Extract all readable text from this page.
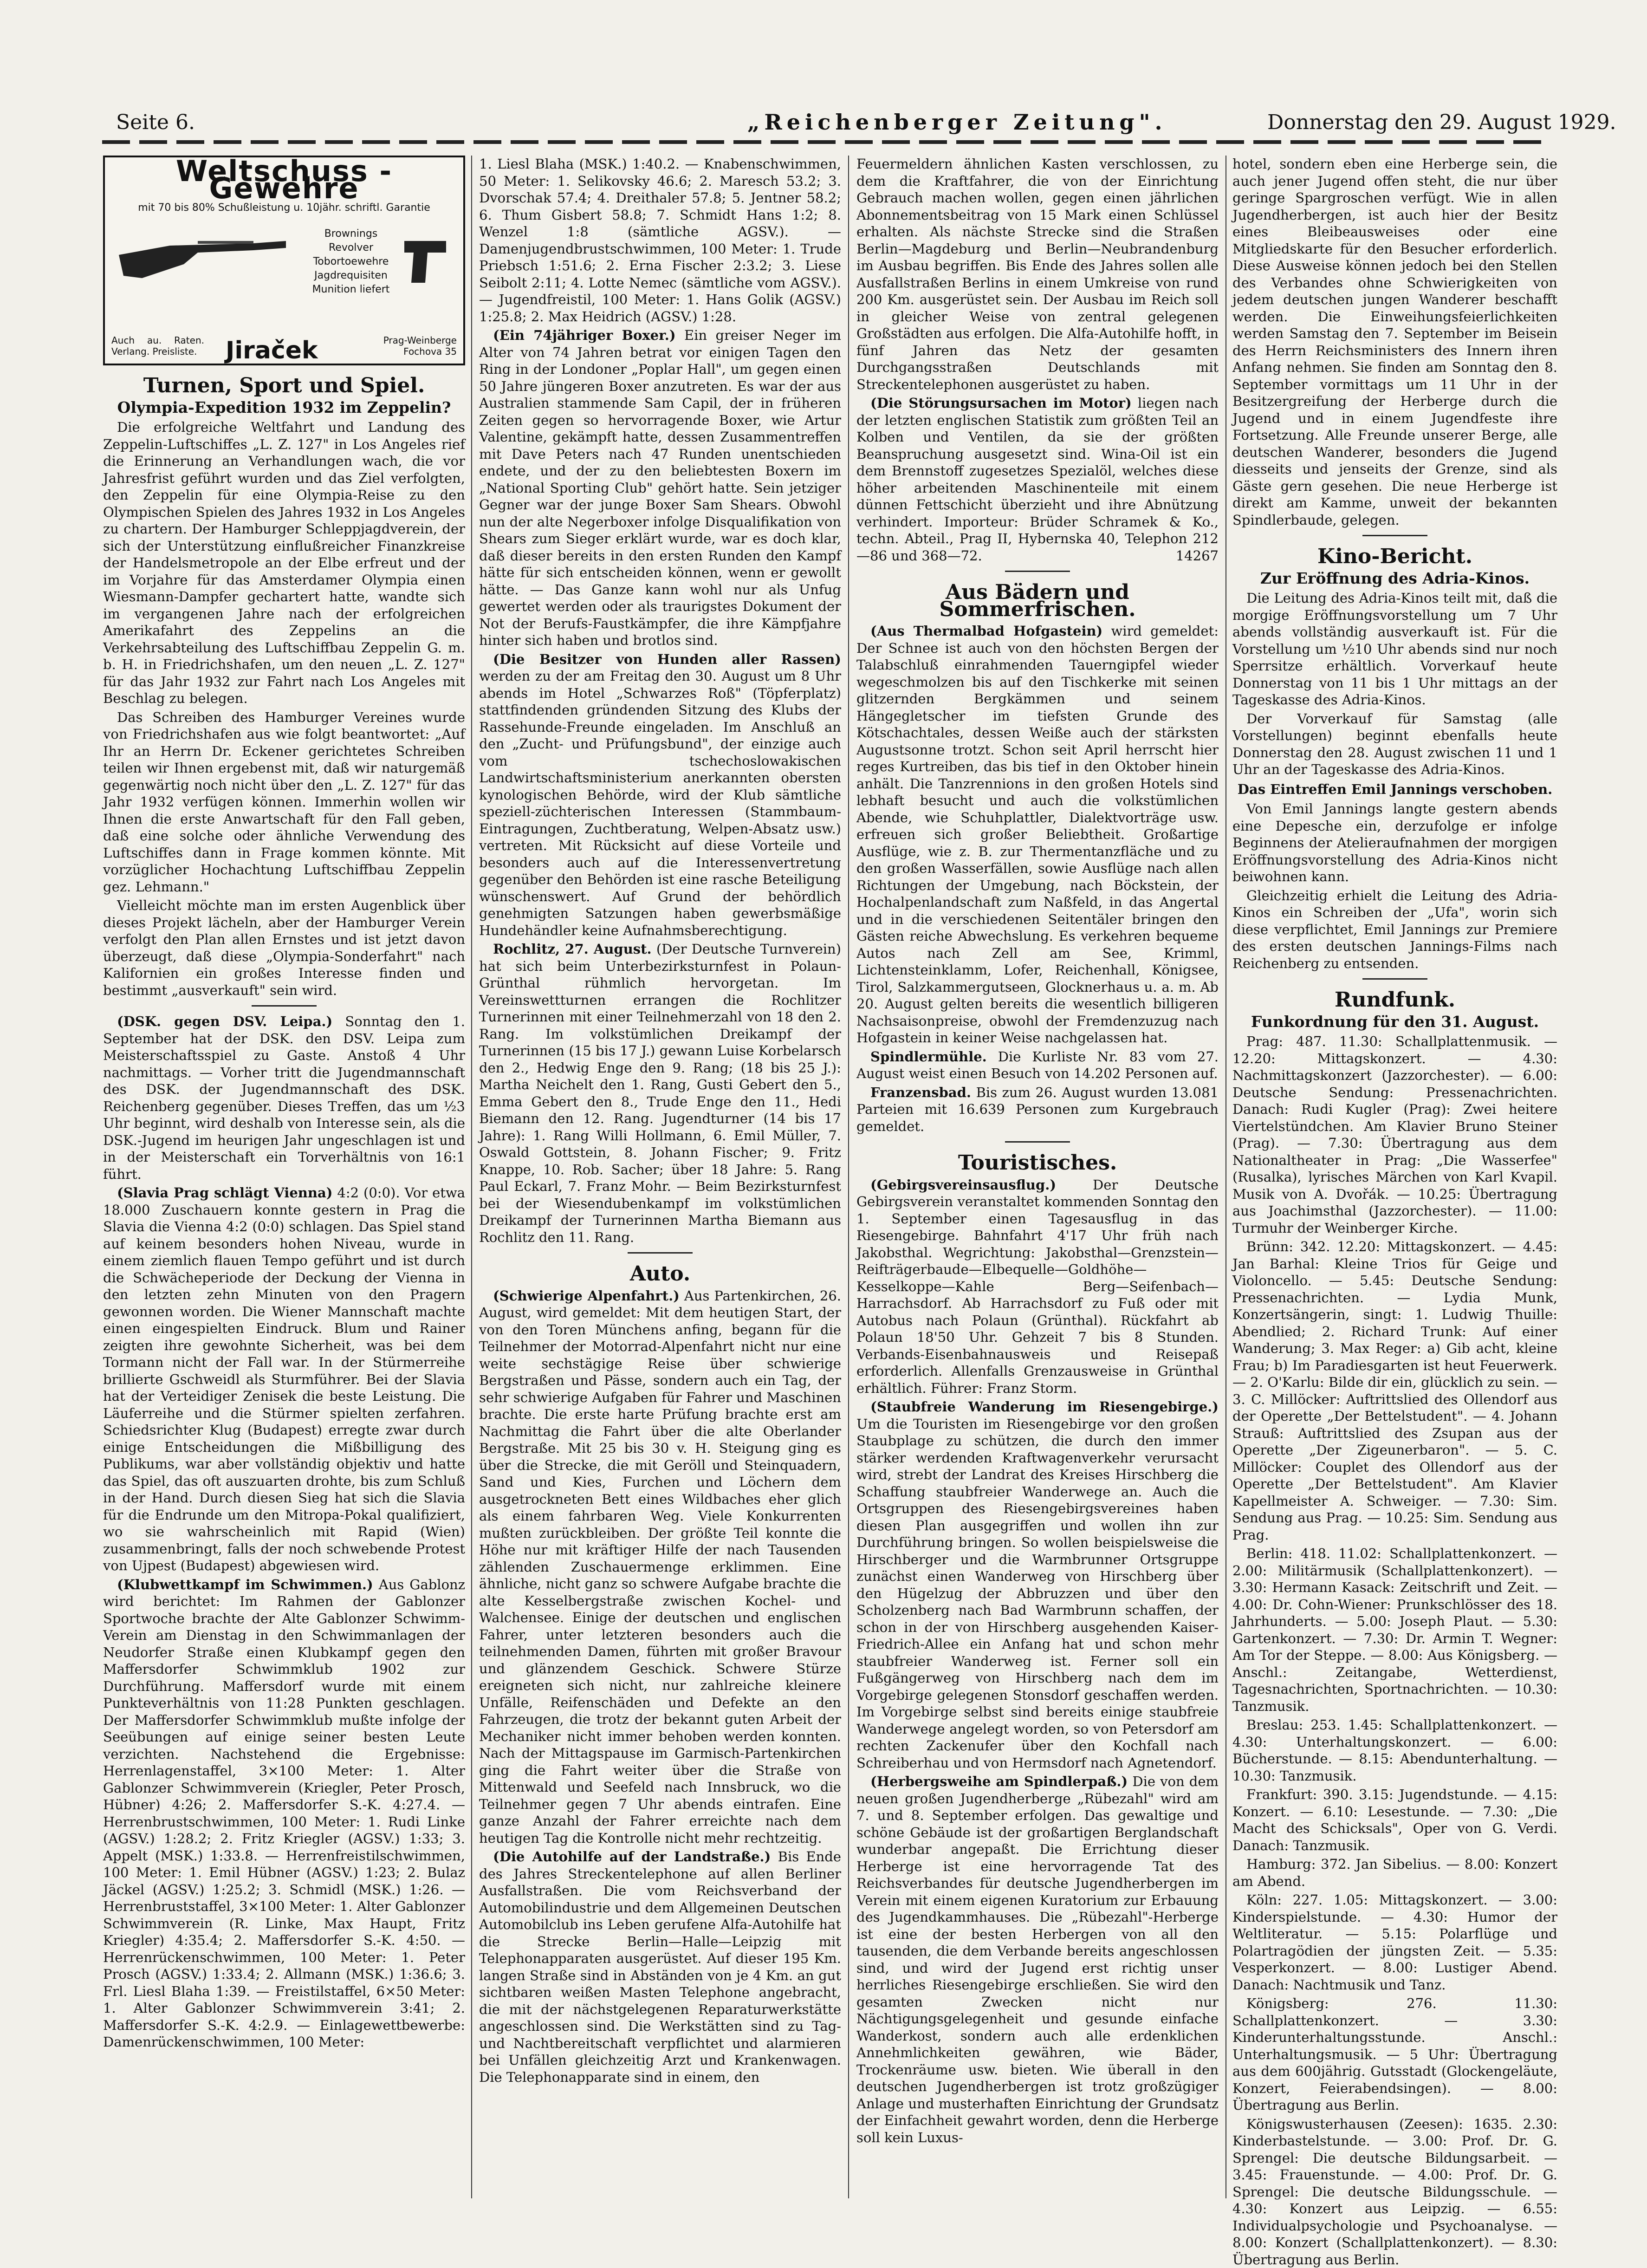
Seite 6.	„Reichenberger Zeitung".	Donnerstag den 29. August 1929.
Weltschuss - Gewehre
mit 70 bis 80% Schußleistung u. 10jähr. schriftl. Garantie
Brownings
Revolver
Tobortoewehre
Jagdrequisiten
Munition liefert
Auch au. Raten. Verlang. Preisliste.	Jiraček	Prag-Weinberge Fochova 35
Turnen, Sport und Spiel.
Olympia-Expedition 1932 im Zeppelin?

Die erfolgreiche Weltfahrt und Landung des Zeppelin-Luftschiffes „L. Z. 127" in Los Angeles rief die Erinnerung an Verhandlungen wach, die vor Jahresfrist geführt wurden und das Ziel verfolgten, den Zeppelin für eine Olympia-Reise zu den Olympischen Spielen des Jahres 1932 in Los Angeles zu chartern. Der Hamburger Schleppjagdverein, der sich der Unterstützung einflußreicher Finanzkreise der Handelsmetropole an der Elbe erfreut und der im Vorjahre für das Amsterdamer Olympia einen Wiesmann-Dampfer gechartert hatte, wandte sich im vergangenen Jahre nach der erfolgreichen Amerikafahrt des Zeppelins an die Verkehrsabteilung des Luftschiffbau Zeppelin G. m. b. H. in Friedrichshafen, um den neuen „L. Z. 127" für das Jahr 1932 zur Fahrt nach Los Angeles mit Beschlag zu belegen.

Das Schreiben des Hamburger Vereines wurde von Friedrichshafen aus wie folgt beantwortet: „Auf Ihr an Herrn Dr. Eckener gerichtetes Schreiben teilen wir Ihnen ergebenst mit, daß wir naturgemäß gegenwärtig noch nicht über den „L. Z. 127" für das Jahr 1932 verfügen können. Immerhin wollen wir Ihnen die erste Anwartschaft für den Fall geben, daß eine solche oder ähnliche Verwendung des Luftschiffes dann in Frage kommen könnte. Mit vorzüglicher Hochachtung Luftschiffbau Zeppelin gez. Lehmann."

Vielleicht möchte man im ersten Augenblick über dieses Projekt lächeln, aber der Hamburger Verein verfolgt den Plan allen Ernstes und ist jetzt davon überzeugt, daß diese „Olympia-Sonderfahrt" nach Kalifornien ein großes Interesse finden und bestimmt „ausverkauft" sein wird.

(DSK. gegen DSV. Leipa.) Sonntag den 1. September hat der DSK. den DSV. Leipa zum Meisterschaftsspiel zu Gaste. Anstoß 4 Uhr nachmittags. — Vorher tritt die Jugendmannschaft des DSK. der Jugendmannschaft des DSK. Reichenberg gegenüber. Dieses Treffen, das um ½3 Uhr beginnt, wird deshalb von Interesse sein, als die DSK.-Jugend im heurigen Jahr ungeschlagen ist und in der Meisterschaft ein Torverhältnis von 16:1 führt.

(Slavia Prag schlägt Vienna) 4:2 (0:0). Vor etwa 18.000 Zuschauern konnte gestern in Prag die Slavia die Vienna 4:2 (0:0) schlagen. Das Spiel stand auf keinem besonders hohen Niveau, wurde in einem ziemlich flauen Tempo geführt und ist durch die Schwächeperiode der Deckung der Vienna in den letzten zehn Minuten von den Pragern gewonnen worden. Die Wiener Mannschaft machte einen eingespielten Eindruck. Blum und Rainer zeigten ihre gewohnte Sicherheit, was bei dem Tormann nicht der Fall war. In der Stürmerreihe brillierte Gschweidl als Sturmführer. Bei der Slavia hat der Verteidiger Zenisek die beste Leistung. Die Läuferreihe und die Stürmer spielten zerfahren. Schiedsrichter Klug (Budapest) erregte zwar durch einige Entscheidungen die Mißbilligung des Publikums, war aber vollständig objektiv und hatte das Spiel, das oft auszuarten drohte, bis zum Schluß in der Hand. Durch diesen Sieg hat sich die Slavia für die Endrunde um den Mitropa-Pokal qualifiziert, wo sie wahrscheinlich mit Rapid (Wien) zusammenbringt, falls der noch schwebende Protest von Ujpest (Budapest) abgewiesen wird.

(Klubwettkampf im Schwimmen.) Aus Gablonz wird berichtet: Im Rahmen der Gablonzer Sportwoche brachte der Alte Gablonzer Schwimm-Verein am Dienstag in den Schwimmanlagen der Neudorfer Straße einen Klubkampf gegen den Maffersdorfer Schwimmklub 1902 zur Durchführung. Maffersdorf wurde mit einem Punkteverhältnis von 11:28 Punkten geschlagen. Der Maffersdorfer Schwimmklub mußte infolge der Seeübungen auf einige seiner besten Leute verzichten. Nachstehend die Ergebnisse: Herrenlagenstaffel, 3×100 Meter: 1. Alter Gablonzer Schwimmverein (Kriegler, Peter Prosch, Hübner) 4:26; 2. Maffersdorfer S.-K. 4:27.4. — Herrenbrustschwimmen, 100 Meter: 1. Rudi Linke (AGSV.) 1:28.2; 2. Fritz Kriegler (AGSV.) 1:33; 3. Appelt (MSK.) 1:33.8. — Herrenfreistilschwimmen, 100 Meter: 1. Emil Hübner (AGSV.) 1:23; 2. Bulaz Jäckel (AGSV.) 1:25.2; 3. Schmidl (MSK.) 1:26. — Herrenbruststaffel, 3×100 Meter: 1. Alter Gablonzer Schwimmverein (R. Linke, Max Haupt, Fritz Kriegler) 4:35.4; 2. Maffersdorfer S.-K. 4:50. — Herrenrückenschwimmen, 100 Meter: 1. Peter Prosch (AGSV.) 1:33.4; 2. Allmann (MSK.) 1:36.6; 3. Frl. Liesl Blaha 1:39. — Freistilstaffel, 6×50 Meter: 1. Alter Gablonzer Schwimmverein 3:41; 2. Maffersdorfer S.-K. 4:2.9. — Einlagewettbewerbe: Damenrückenschwimmen, 100 Meter:

1. Liesl Blaha (MSK.) 1:40.2. — Knabenschwimmen, 50 Meter: 1. Selikovsky 46.6; 2. Maresch 53.2; 3. Dvorschak 57.4; 4. Dreithaler 57.8; 5. Jentner 58.2; 6. Thum Gisbert 58.8; 7. Schmidt Hans 1:2; 8. Wenzel 1:8 (sämtliche AGSV.). — Damenjugendbrustschwimmen, 100 Meter: 1. Trude Priebsch 1:51.6; 2. Erna Fischer 2:3.2; 3. Liese Seibolt 2:11; 4. Lotte Nemec (sämtliche vom AGSV.). — Jugendfreistil, 100 Meter: 1. Hans Golik (AGSV.) 1:25.8; 2. Max Heidrich (AGSV.) 1:28.

(Ein 74jähriger Boxer.) Ein greiser Neger im Alter von 74 Jahren betrat vor einigen Tagen den Ring in der Londoner „Poplar Hall", um gegen einen 50 Jahre jüngeren Boxer anzutreten. Es war der aus Australien stammende Sam Capil, der in früheren Zeiten gegen so hervorragende Boxer, wie Artur Valentine, gekämpft hatte, dessen Zusammentreffen mit Dave Peters nach 47 Runden unentschieden endete, und der zu den beliebtesten Boxern im „National Sporting Club" gehört hatte. Sein jetziger Gegner war der junge Boxer Sam Shears. Obwohl nun der alte Negerboxer infolge Disqualifikation von Shears zum Sieger erklärt wurde, war es doch klar, daß dieser bereits in den ersten Runden den Kampf hätte für sich entscheiden können, wenn er gewollt hätte. — Das Ganze kann wohl nur als Unfug gewertet werden oder als traurigstes Dokument der Not der Berufs-Faustkämpfer, die ihre Kämpfjahre hinter sich haben und brotlos sind.

(Die Besitzer von Hunden aller Rassen) werden zu der am Freitag den 30. August um 8 Uhr abends im Hotel „Schwarzes Roß" (Töpferplatz) stattfindenden gründenden Sitzung des Klubs der Rassehunde-Freunde eingeladen. Im Anschluß an den „Zucht- und Prüfungsbund", der einzige auch vom tschechoslowakischen Landwirtschaftsministerium anerkannten obersten kynologischen Behörde, wird der Klub sämtliche speziell-züchterischen Interessen (Stammbaum-Eintragungen, Zuchtberatung, Welpen-Absatz usw.) vertreten. Mit Rücksicht auf diese Vorteile und besonders auch auf die Interessenvertretung gegenüber den Behörden ist eine rasche Beteiligung wünschenswert. Auf Grund der behördlich genehmigten Satzungen haben gewerbsmäßige Hundehändler keine Aufnahmsberechtigung.

Rochlitz, 27. August. (Der Deutsche Turnverein) hat sich beim Unterbezirksturnfest in Polaun-Grünthal rühmlich hervorgetan. Im Vereinswettturnen errangen die Rochlitzer Turnerinnen mit einer Teilnehmerzahl von 18 den 2. Rang. Im volkstümlichen Dreikampf der Turnerinnen (15 bis 17 J.) gewann Luise Korbelarsch den 2., Hedwig Enge den 9. Rang; (18 bis 25 J.): Martha Neichelt den 1. Rang, Gusti Gebert den 5., Emma Gebert den 8., Trude Enge den 11., Hedi Biemann den 12. Rang. Jugendturner (14 bis 17 Jahre): 1. Rang Willi Hollmann, 6. Emil Müller, 7. Oswald Gottstein, 8. Johann Fischer; 9. Fritz Knappe, 10. Rob. Sacher; über 18 Jahre: 5. Rang Paul Eckarl, 7. Franz Mohr. — Beim Bezirksturnfest bei der Wiesendubenkampf im volkstümlichen Dreikampf der Turnerinnen Martha Biemann aus Rochlitz den 11. Rang.

Auto.

(Schwierige Alpenfahrt.) Aus Partenkirchen, 26. August, wird gemeldet: Mit dem heutigen Start, der von den Toren Münchens anfing, begann für die Teilnehmer der Motorrad-Alpenfahrt nicht nur eine weite sechstägige Reise über schwierige Bergstraßen und Pässe, sondern auch ein Tag, der sehr schwierige Aufgaben für Fahrer und Maschinen brachte. Die erste harte Prüfung brachte erst am Nachmittag die Fahrt über die alte Oberlander Bergstraße. Mit 25 bis 30 v. H. Steigung ging es über die Strecke, die mit Geröll und Steinquadern, Sand und Kies, Furchen und Löchern dem ausgetrockneten Bett eines Wildbaches eher glich als einem fahrbaren Weg. Viele Konkurrenten mußten zurückbleiben. Der größte Teil konnte die Höhe nur mit kräftiger Hilfe der nach Tausenden zählenden Zuschauermenge erklimmen. Eine ähnliche, nicht ganz so schwere Aufgabe brachte die alte Kesselbergstraße zwischen Kochel- und Walchensee. Einige der deutschen und englischen Fahrer, unter letzteren besonders auch die teilnehmenden Damen, führten mit großer Bravour und glänzendem Geschick. Schwere Stürze ereigneten sich nicht, nur zahlreiche kleinere Unfälle, Reifenschäden und Defekte an den Fahrzeugen, die trotz der bekannt guten Arbeit der Mechaniker nicht immer behoben werden konnten. Nach der Mittagspause im Garmisch-Partenkirchen ging die Fahrt weiter über die Straße von Mittenwald und Seefeld nach Innsbruck, wo die Teilnehmer gegen 7 Uhr abends eintrafen. Eine ganze Anzahl der Fahrer erreichte nach dem heutigen Tag die Kontrolle nicht mehr rechtzeitig.

(Die Autohilfe auf der Landstraße.) Bis Ende des Jahres Streckentelephone auf allen Berliner Ausfallstraßen. Die vom Reichsverband der Automobilindustrie und dem Allgemeinen Deutschen Automobilclub ins Leben gerufene Alfa-Autohilfe hat die Strecke Berlin—Halle—Leipzig mit Telephonapparaten ausgerüstet. Auf dieser 195 Km. langen Straße sind in Abständen von je 4 Km. an gut sichtbaren weißen Masten Telephone angebracht, die mit der nächstgelegenen Reparaturwerkstätte angeschlossen sind. Die Werkstätten sind zu Tag- und Nachtbereitschaft verpflichtet und alarmieren bei Unfällen gleichzeitig Arzt und Krankenwagen. Die Telephonapparate sind in einem, den

Feuermeldern ähnlichen Kasten verschlossen, zu dem die Kraftfahrer, die von der Einrichtung Gebrauch machen wollen, gegen einen jährlichen Abonnementsbeitrag von 15 Mark einen Schlüssel erhalten. Als nächste Strecke sind die Straßen Berlin—Magdeburg und Berlin—Neubrandenburg im Ausbau begriffen. Bis Ende des Jahres sollen alle Ausfallstraßen Berlins in einem Umkreise von rund 200 Km. ausgerüstet sein. Der Ausbau im Reich soll in gleicher Weise von zentral gelegenen Großstädten aus erfolgen. Die Alfa-Autohilfe hofft, in fünf Jahren das Netz der gesamten Durchgangsstraßen Deutschlands mit Streckentelephonen ausgerüstet zu haben.

(Die Störungsursachen im Motor) liegen nach der letzten englischen Statistik zum größten Teil an Kolben und Ventilen, da sie der größten Beanspruchung ausgesetzt sind. Wina-Oil ist ein dem Brennstoff zugesetzes Spezialöl, welches diese höher arbeitenden Maschinenteile mit einem dünnen Fettschicht überzieht und ihre Abnützung verhindert. Importeur: Brüder Schramek & Ko., techn. Abteil., Prag II, Hybernska 40, Telephon 212—86 und 368—72.	14267

Aus Bädern und Sommerfrischen.

(Aus Thermalbad Hofgastein) wird gemeldet: Der Schnee ist auch von den höchsten Bergen der Talabschluß einrahmenden Tauerngipfel wieder wegeschmolzen bis auf den Tischkerke mit seinen glitzernden Bergkämmen und seinem Hängegletscher im tiefsten Grunde des Kötschachtales, dessen Weiße auch der stärksten Augustsonne trotzt. Schon seit April herrscht hier reges Kurtreiben, das bis tief in den Oktober hinein anhält. Die Tanzrennions in den großen Hotels sind lebhaft besucht und auch die volkstümlichen Abende, wie Schuhplattler, Dialektvorträge usw. erfreuen sich großer Beliebtheit. Großartige Ausflüge, wie z. B. zur Thermentanzfläche und zu den großen Wasserfällen, sowie Ausflüge nach allen Richtungen der Umgebung, nach Böckstein, der Hochalpenlandschaft zum Naßfeld, in das Angertal und in die verschiedenen Seitentäler bringen den Gästen reiche Abwechslung. Es verkehren bequeme Autos nach Zell am See, Krimml, Lichtensteinklamm, Lofer, Reichenhall, Königsee, Tirol, Salzkammergutseen, Glocknerhaus u. a. m. Ab 20. August gelten bereits die wesentlich billigeren Nachsaisonpreise, obwohl der Fremdenzuzug nach Hofgastein in keiner Weise nachgelassen hat.

Spindlermühle. Die Kurliste Nr. 83 vom 27. August weist einen Besuch von 14.202 Personen auf.

Franzensbad. Bis zum 26. August wurden 13.081 Parteien mit 16.639 Personen zum Kurgebrauch gemeldet.

Touristisches.

(Gebirgsvereinsausflug.)	Der Deutsche Gebirgsverein veranstaltet kommenden Sonntag den 1. September einen Tagesausflug in das Riesengebirge. Bahnfahrt 4'17 Uhr früh nach Jakobsthal. Wegrichtung: Jakobsthal—Grenzstein—Reifträgerbaude—Elbequelle—Goldhöhe—Kesselkoppe—Kahle Berg—Seifenbach—Harrachsdorf. Ab Harrachsdorf zu Fuß oder mit Autobus nach Polaun (Grünthal). Rückfahrt ab Polaun 18'50 Uhr. Gehzeit 7 bis 8 Stunden. Verbands-Eisenbahnausweis und Reisepaß erforderlich. Allenfalls Grenzausweise in Grünthal erhältlich. Führer: Franz Storm.

(Staubfreie Wanderung im Riesengebirge.) Um die Touristen im Riesengebirge vor den großen Staubplage zu schützen, die durch den immer stärker werdenden Kraftwagenverkehr verursacht wird, strebt der Landrat des Kreises Hirschberg die Schaffung staubfreier Wanderwege an. Auch die Ortsgruppen des Riesengebirgsvereines haben diesen Plan ausgegriffen und wollen ihn zur Durchführung bringen. So wollen beispielsweise die Hirschberger und die Warmbrunner Ortsgruppe zunächst einen Wanderweg von Hirschberg über den Hügelzug der Abbruzzen und über den Scholzenberg nach Bad Warmbrunn schaffen, der schon in der von Hirschberg ausgehenden Kaiser-Friedrich-Allee ein Anfang hat und schon mehr staubfreier Wanderweg ist. Ferner soll ein Fußgängerweg von Hirschberg nach dem im Vorgebirge gelegenen Stonsdorf geschaffen werden. Im Vorgebirge selbst sind bereits einige staubfreie Wanderwege angelegt worden, so von Petersdorf am rechten Zackenufer über den Kochfall nach Schreiberhau und von Hermsdorf nach Agnetendorf.

(Herbergsweihe am Spindlerpaß.) Die von dem neuen großen Jugendherberge „Rübezahl" wird am 7. und 8. September erfolgen. Das gewaltige und schöne Gebäude ist der großartigen Berglandschaft wunderbar angepaßt. Die Errichtung dieser Herberge ist eine hervorragende Tat des Reichsverbandes für deutsche Jugendherbergen im Verein mit einem eigenen Kuratorium zur Erbauung des Jugendkammhauses. Die „Rübezahl"-Herberge ist eine der besten Herbergen von all den tausenden, die dem Verbande bereits angeschlossen sind, und wird der Jugend erst richtig unser herrliches Riesengebirge erschließen. Sie wird den gesamten Zwecken nicht nur Nächtigungsgelegenheit und gesunde einfache Wanderkost, sondern auch alle erdenklichen Annehmlichkeiten gewähren, wie Bäder, Trockenräume usw. bieten. Wie überall in den deutschen Jugendherbergen ist trotz großzügiger Anlage und musterhaften Einrichtung der Grundsatz der Einfachheit gewahrt worden, denn die Herberge soll kein Luxus-

hotel, sondern eben eine Herberge sein, die auch jener Jugend offen steht, die nur über geringe Spargroschen verfügt. Wie in allen Jugendherbergen, ist auch hier der Besitz eines Bleibeausweises oder eine Mitgliedskarte für den Besucher erforderlich. Diese Ausweise können jedoch bei den Stellen des Verbandes ohne Schwierigkeiten von jedem deutschen jungen Wanderer beschafft werden. Die Einweihungsfeierlichkeiten werden Samstag den 7. September im Beisein des Herrn Reichsministers des Innern ihren Anfang nehmen. Sie finden am Sonntag den 8. September vormittags um 11 Uhr in der Besitzergreifung der Herberge durch die Jugend und in einem Jugendfeste ihre Fortsetzung. Alle Freunde unserer Berge, alle deutschen Wanderer, besonders die Jugend diesseits und jenseits der Grenze, sind als Gäste gern gesehen. Die neue Herberge ist direkt am Kamme, unweit der bekannten Spindlerbaude, gelegen.

Kino-Bericht.
Zur Eröffnung des Adria-Kinos.

Die Leitung des Adria-Kinos teilt mit, daß die morgige Eröffnungsvorstellung um 7 Uhr abends vollständig ausverkauft ist. Für die Vorstellung um ½10 Uhr abends sind nur noch Sperrsitze erhältlich. Vorverkauf heute Donnerstag von 11 bis 1 Uhr mittags an der Tageskasse des Adria-Kinos.

Der Vorverkauf für Samstag (alle Vorstellungen) beginnt ebenfalls heute Donnerstag den 28. August zwischen 11 und 1 Uhr an der Tageskasse des Adria-Kinos.

Das Eintreffen Emil Jannings verschoben.

Von Emil Jannings langte gestern abends eine Depesche ein, derzufolge er infolge Beginnens der Atelieraufnahmen der morgigen Eröffnungsvorstellung des Adria-Kinos nicht beiwohnen kann.

Gleichzeitig erhielt die Leitung des Adria-Kinos ein Schreiben der „Ufa", worin sich diese verpflichtet, Emil Jannings zur Premiere des ersten deutschen Jannings-Films nach Reichenberg zu entsenden.

Rundfunk.
Funkordnung für den 31. August.

Prag: 487. 11.30: Schallplattenmusik. — 12.20: Mittagskonzert. — 4.30: Nachmittagskonzert (Jazzorchester). — 6.00: Deutsche Sendung: Pressenachrichten. Danach: Rudi Kugler (Prag): Zwei heitere Viertelstündchen. Am Klavier Bruno Steiner (Prag). — 7.30: Übertragung aus dem Nationaltheater in Prag: „Die Wasserfee" (Rusalka), lyrisches Märchen von Karl Kvapil. Musik von A. Dvořák. — 10.25: Übertragung aus Joachimsthal (Jazzorchester). — 11.00: Turmuhr der Weinberger Kirche.

Brünn: 342. 12.20: Mittagskonzert. — 4.45: Jan Barhal: Kleine Trios für Geige und Violoncello. — 5.45: Deutsche Sendung: Pressenachrichten. — Lydia Munk, Konzertsängerin, singt: 1. Ludwig Thuille: Abendlied; 2. Richard Trunk: Auf einer Wanderung; 3. Max Reger: a) Gib acht, kleine Frau; b) Im Paradiesgarten ist heut Feuerwerk. — 2. O'Karlu: Bilde dir ein, glücklich zu sein. — 3. C. Millöcker: Auftrittslied des Ollendorf aus der Operette „Der Bettelstudent". — 4. Johann Strauß: Auftrittslied des Zsupan aus der Operette „Der Zigeunerbaron". — 5. C. Millöcker: Couplet des Ollendorf aus der Operette „Der Bettelstudent". Am Klavier Kapellmeister A. Schweiger. — 7.30: Sim. Sendung aus Prag. — 10.25: Sim. Sendung aus Prag.

Berlin: 418. 11.02: Schallplattenkonzert. — 2.00: Militärmusik (Schallplattenkonzert). — 3.30: Hermann Kasack: Zeitschrift und Zeit. — 4.00: Dr. Cohn-Wiener: Prunkschlösser des 18. Jahrhunderts. — 5.00: Joseph Plaut. — 5.30: Gartenkonzert. — 7.30: Dr. Armin T. Wegner: Am Tor der Steppe. — 8.00: Aus Königsberg. — Anschl.: Zeitangabe, Wetterdienst, Tagesnachrichten, Sportnachrichten. — 10.30: Tanzmusik.

Breslau: 253. 1.45: Schallplattenkonzert. — 4.30: Unterhaltungskonzert. — 6.00: Bücherstunde. — 8.15: Abendunterhaltung. — 10.30: Tanzmusik.

Frankfurt: 390. 3.15: Jugendstunde. — 4.15: Konzert. — 6.10: Lesestunde. — 7.30: „Die Macht des Schicksals", Oper von G. Verdi. Danach: Tanzmusik.

Hamburg: 372. Jan Sibelius. — 8.00: Konzert am Abend.

Köln: 227. 1.05: Mittagskonzert. — 3.00: Kinderspielstunde. — 4.30: Humor der Weltliteratur. — 5.15: Polarflüge und Polartragödien der jüngsten Zeit. — 5.35: Vesperkonzert. — 8.00: Lustiger Abend. Danach: Nachtmusik und Tanz.

Königsberg: 276. 11.30: Schallplattenkonzert. — 3.30: Kinderunterhaltungsstunde. Anschl.: Unterhaltungsmusik. — 5 Uhr: Übertragung aus dem 600jährig. Gutsstadt (Glockengeläute, Konzert, Feierabendsingen). — 8.00: Übertragung aus Berlin.

Königswusterhausen (Zeesen): 1635. 2.30: Kinderbastelstunde. — 3.00: Prof. Dr. G. Sprengel: Die deutsche Bildungsarbeit. — 3.45: Frauenstunde. — 4.00: Prof. Dr. G. Sprengel: Die deutsche Bildungsschule. — 4.30: Konzert aus Leipzig. — 6.55: Individualpsychologie und Psychoanalyse. — 8.00: Konzert (Schallplattenkonzert). — 8.30: Übertragung aus Berlin.
